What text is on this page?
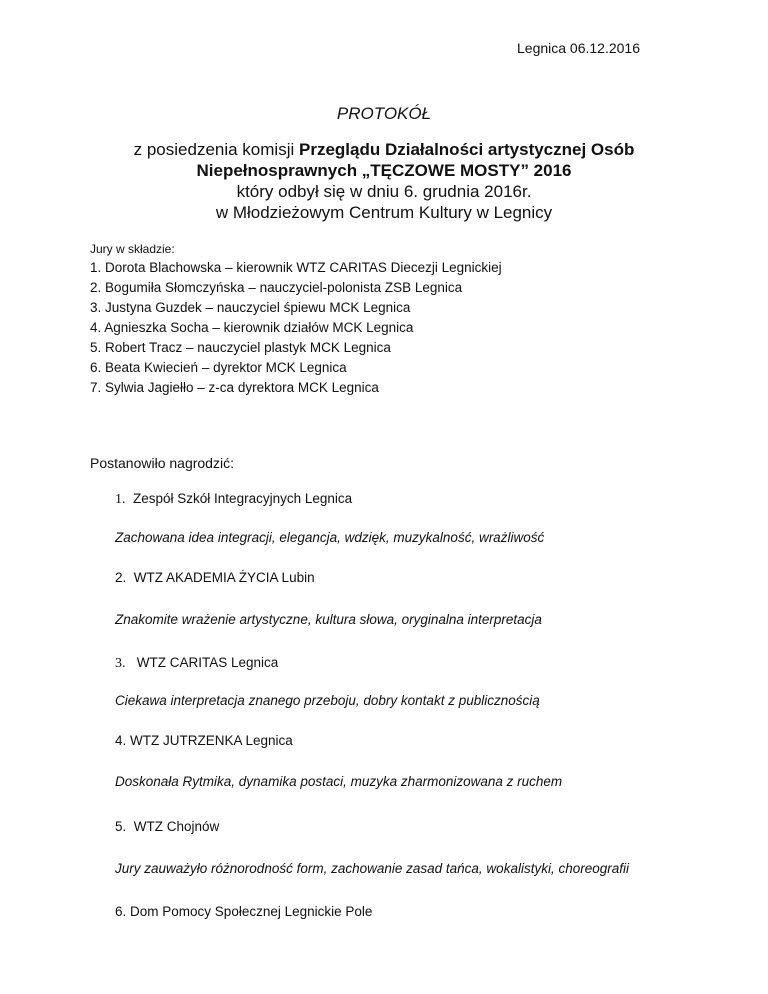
Legnica 06.12.2016
PROTOKÓŁ
z posiedzenia komisji Przeglądu Działalności artystycznej Osób
Niepełnosprawnych „TĘCZOWE MOSTY” 2016
który odbył się w dniu 6. grudnia 2016r.
w Młodzieżowym Centrum Kultury w Legnicy
Jury w składzie:
1. Dorota Blachowska – kierownik WTZ CARITAS Diecezji Legnickiej
2. Bogumiła Słomczyńska – nauczyciel-polonista ZSB Legnica
3. Justyna Guzdek – nauczyciel śpiewu MCK Legnica
4. Agnieszka Socha – kierownik działów MCK Legnica
5. Robert Tracz – nauczyciel plastyk MCK Legnica
6. Beata Kwiecień – dyrektor MCK Legnica
7. Sylwia Jagiełło – z-ca dyrektora MCK Legnica
Postanowiło nagrodzić:
1. Zespół Szkół Integracyjnych Legnica
Zachowana idea integracji, elegancja, wdzięk, muzykalność, wrażliwość
2. WTZ AKADEMIA ŻYCIA Lubin
Znakomite wrażenie artystyczne, kultura słowa, oryginalna interpretacja
3. WTZ CARITAS Legnica
Ciekawa interpretacja znanego przeboju, dobry kontakt z publicznością
4. WTZ JUTRZENKA Legnica
Doskonała Rytmika, dynamika postaci, muzyka zharmonizowana z ruchem
5. WTZ Chojnów
Jury zauważyło różnorodność form, zachowanie zasad tańca, wokalistyki, choreografii
6. Dom Pomocy Społecznej Legnickie Pole
